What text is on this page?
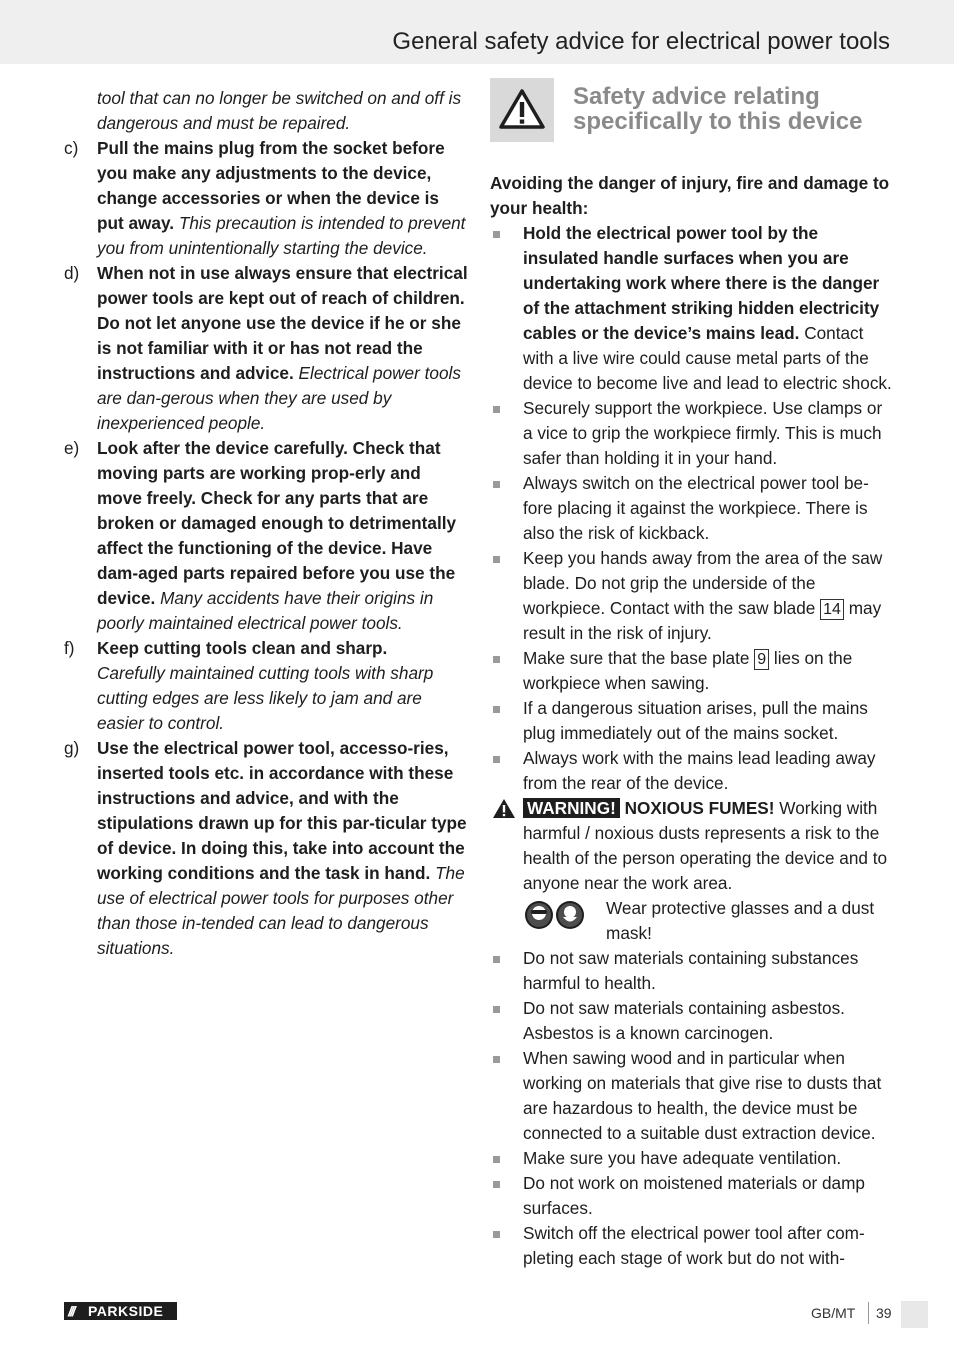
General safety advice for electrical power tools
tool that can no longer be switched on and off is dangerous and must be repaired.
c) Pull the mains plug from the socket before you make any adjustments to the device, change accessories or when the device is put away. This precaution is intended to prevent you from unintentionally starting the device.
d) When not in use always ensure that electrical power tools are kept out of reach of children. Do not let anyone use the device if he or she is not familiar with it or has not read the instructions and advice. Electrical power tools are dan-gerous when they are used by inexperienced people.
e) Look after the device carefully. Check that moving parts are working prop-erly and move freely. Check for any parts that are broken or damaged enough to detrimentally affect the functioning of the device. Have dam-aged parts repaired before you use the device. Many accidents have their origins in poorly maintained electrical power tools.
f) Keep cutting tools clean and sharp.
Carefully maintained cutting tools with sharp cutting edges are less likely to jam and are easier to control.
g) Use the electrical power tool, accesso-ries, inserted tools etc. in accordance with these instructions and advice, and with the stipulations drawn up for this par-ticular type of device. In doing this, take into account the working conditions and the task in hand. The use of electrical power tools for purposes other than those in-tended can lead to dangerous situations.
Safety advice relating specifically to this device
Avoiding the danger of injury, fire and damage to your health:
Hold the electrical power tool by the insulated handle surfaces when you are undertaking work where there is the danger of the attachment striking hidden electricity cables or the device’s mains lead. Contact with a live wire could cause metal parts of the device to become live and lead to electric shock.
Securely support the workpiece. Use clamps or a vice to grip the workpiece firmly. This is much safer than holding it in your hand.
Always switch on the electrical power tool be-fore placing it against the workpiece. There is also the risk of kickback.
Keep you hands away from the area of the saw blade. Do not grip the underside of the workpiece. Contact with the saw blade 14 may result in the risk of injury.
Make sure that the base plate 9 lies on the workpiece when sawing.
If a dangerous situation arises, pull the mains plug immediately out of the mains socket.
Always work with the mains lead leading away from the rear of the device.
WARNING! NOXIOUS FUMES! Working with harmful / noxious dusts represents a risk to the health of the person operating the device and to anyone near the work area.
Wear protective glasses and a dust mask!
Do not saw materials containing substances harmful to health.
Do not saw materials containing asbestos. Asbestos is a known carcinogen.
When sawing wood and in particular when working on materials that give rise to dusts that are hazardous to health, the device must be connected to a suitable dust extraction device.
Make sure you have adequate ventilation.
Do not work on moistened materials or damp surfaces.
Switch off the electrical power tool after com-pleting each stage of work but do not with-
/// PARKSIDE	GB/MT 39
